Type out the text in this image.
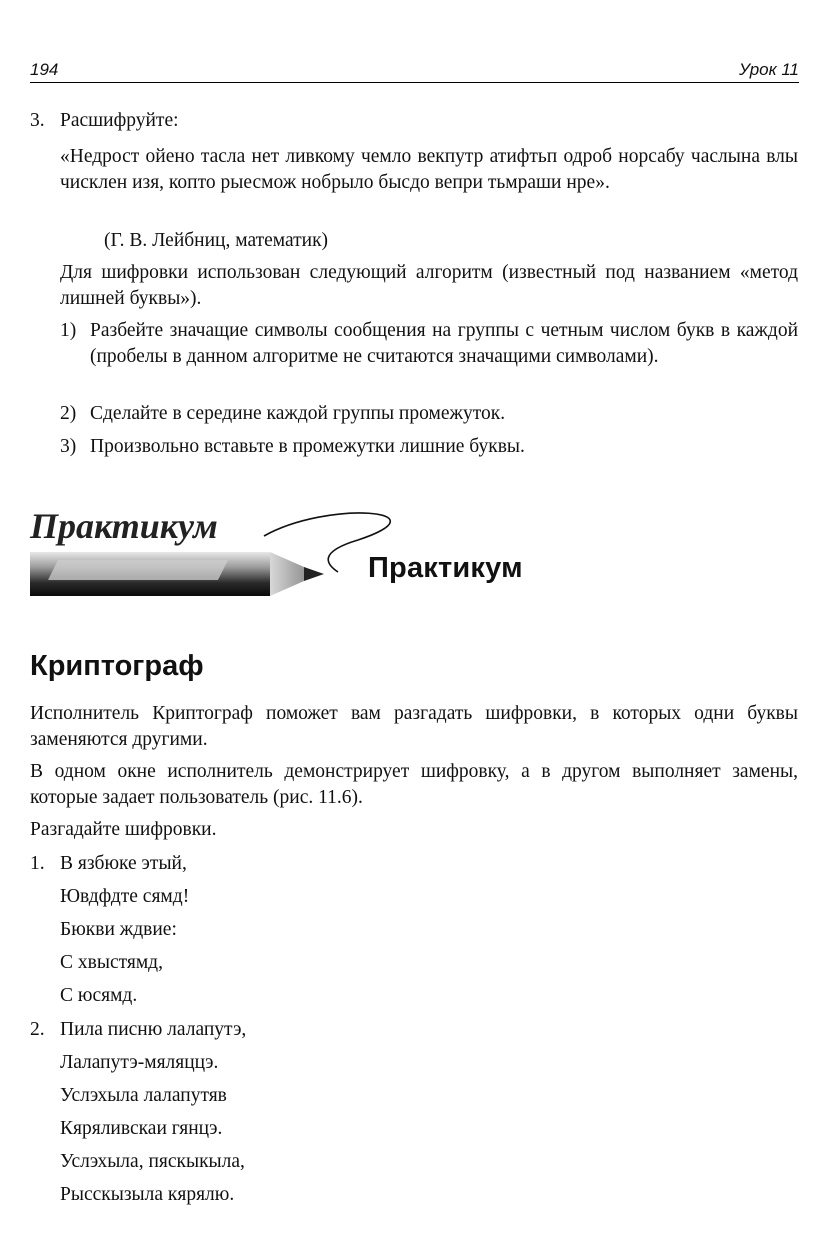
194	Урок 11
3. Расшифруйте:
«Недрост ойено тасла нет ливкому чемло векпутр атифтьп одроб норсабу часлына влы чисклен изя, копто рыесмож нобрыло бысдо вепри тьмраши нре».
(Г. В. Лейбниц, математик)
Для шифровки использован следующий алгоритм (известный под названием «метод лишней буквы»).
1) Разбейте значащие символы сообщения на группы с четным числом букв в каждой (пробелы в данном алгоритме не считаются значащими символами).
2) Сделайте в середине каждой группы промежуток.
3) Произвольно вставьте в промежутки лишние буквы.
Практикум
Практикум
Криптограф
Исполнитель Криптограф поможет вам разгадать шифровки, в которых одни буквы заменяются другими.
В одном окне исполнитель демонстрирует шифровку, а в другом выполняет замены, которые задает пользователь (рис. 11.6).
Разгадайте шифровки.
1. В язбюке этый,
Ювдфдте сямд!
Бюкви ждвие:
С хвыстямд,
С юсямд.
2. Пила писню лалапутэ,
Лалапутэ-мяляццэ.
Услэхыла лалапутяв
Кяряливскаи гянцэ.
Услэхыла, пяскыкыла,
Рысскызыла кярялю.
